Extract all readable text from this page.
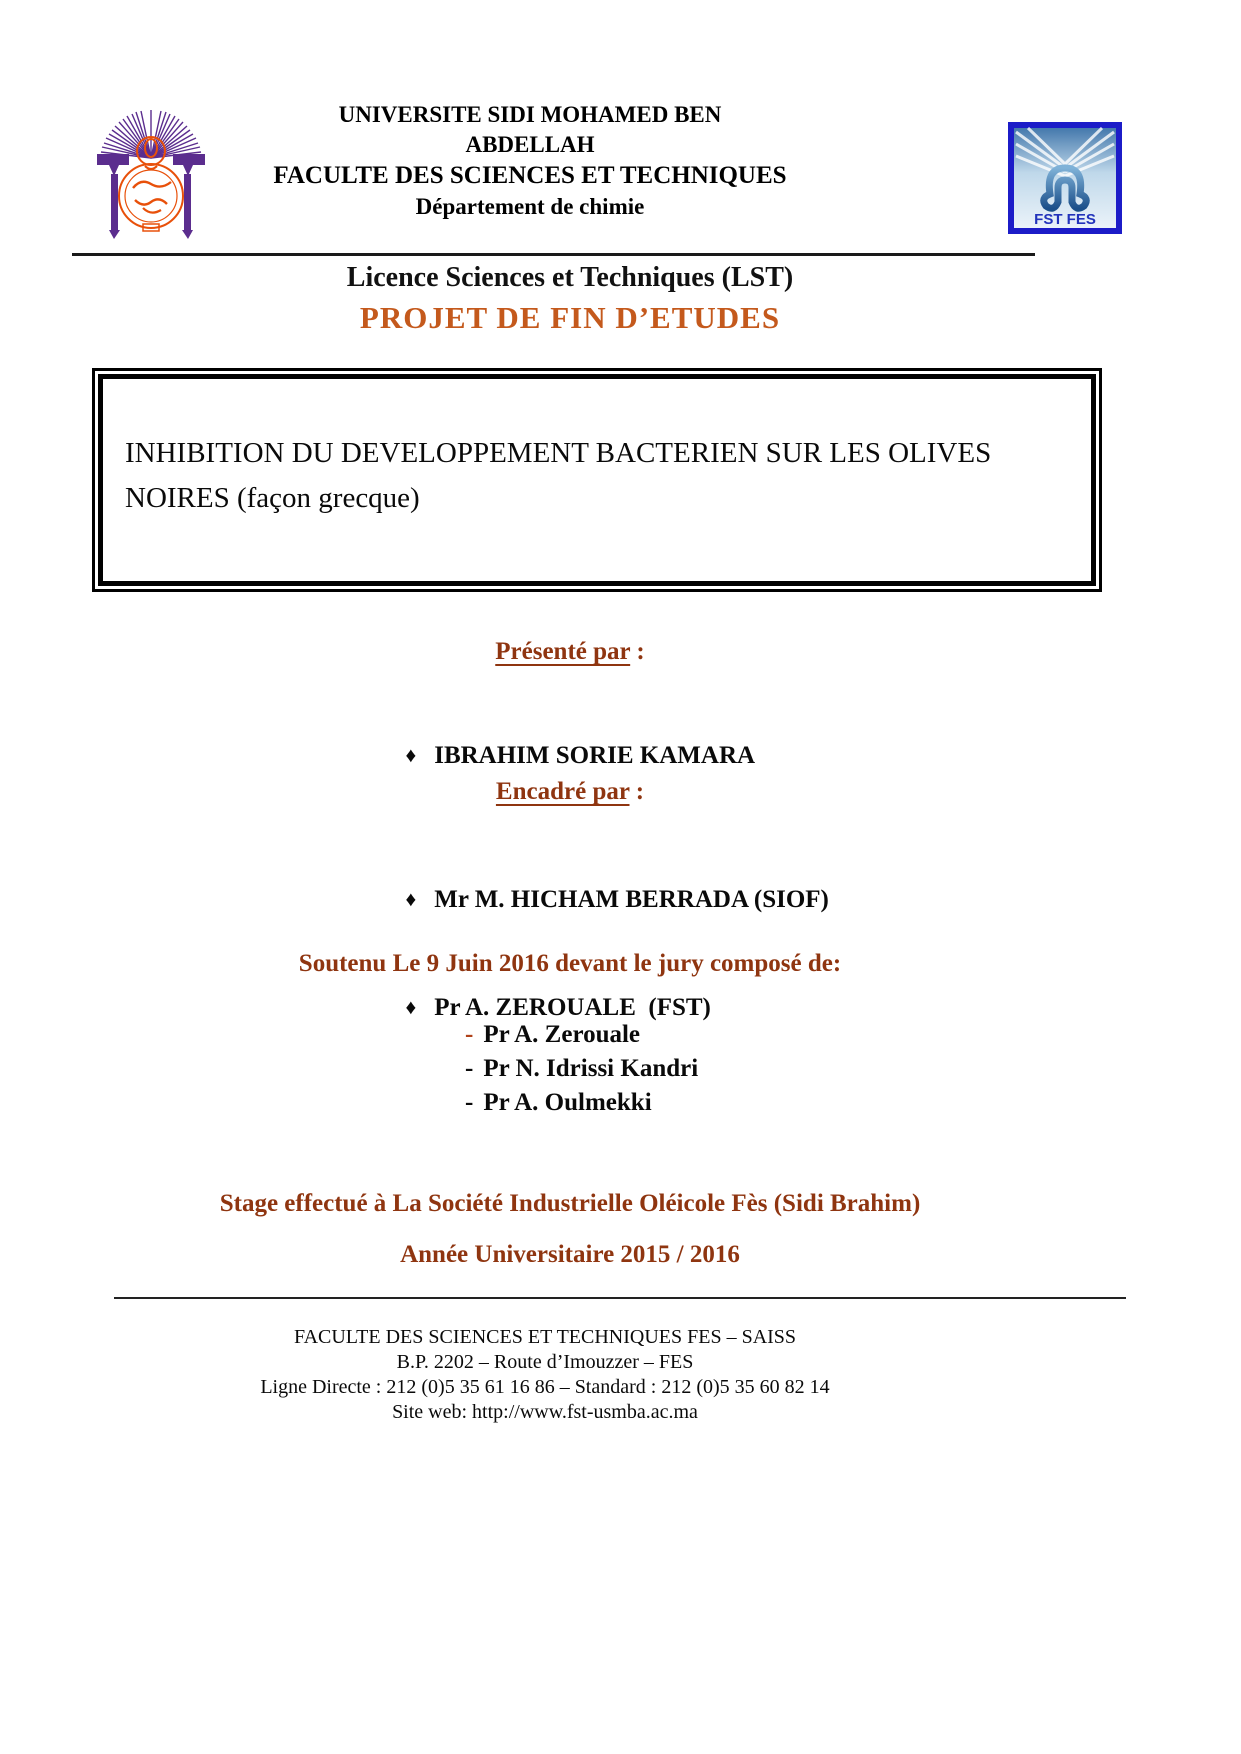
UNIVERSITE SIDI MOHAMED BEN
ABDELLAH
FACULTE DES SCIENCES ET TECHNIQUES
Département de chimie
FST FES
Licence Sciences et Techniques (LST)
PROJET DE FIN D’ETUDES
INHIBITION DU DEVELOPPEMENT BACTERIEN SUR LES OLIVES NOIRES (façon grecque)
Présenté par :

♦ IBRAHIM SORIE KAMARA

Encadré par :

♦ Mr M. HICHAM BERRADA (SIOF)

♦ Pr A. ZEROUALE  (FST)

Soutenu Le 9 Juin 2016 devant le jury composé de:
- Pr A. Zerouale
- Pr N. Idrissi Kandri
- Pr A. Oulmekki
Stage effectué à La Société Industrielle Oléicole Fès (Sidi Brahim)
Année Universitaire 2015 / 2016
FACULTE DES SCIENCES ET TECHNIQUES FES – SAISS
B.P. 2202 – Route d’Imouzzer – FES
Ligne Directe : 212 (0)5 35 61 16 86 – Standard : 212 (0)5 35 60 82 14
Site web: http://www.fst-usmba.ac.ma
